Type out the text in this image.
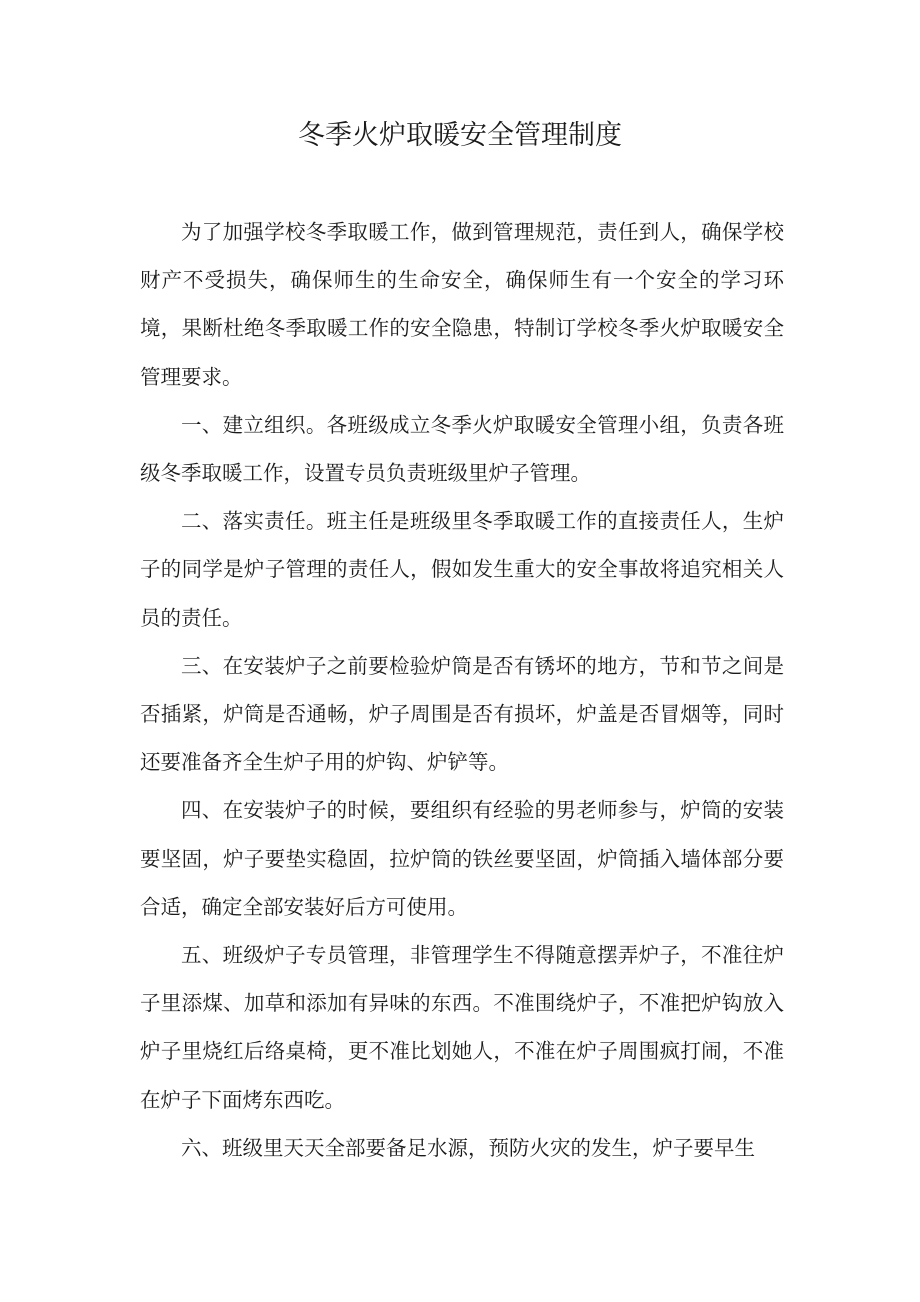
冬季火炉取暖安全管理制度

为了加强学校冬季取暖工作，做到管理规范，责任到人，确保学校财产不受损失，确保师生的生命安全，确保师生有一个安全的学习环境，果断杜绝冬季取暖工作的安全隐患，特制订学校冬季火炉取暖安全管理要求。

一、建立组织。各班级成立冬季火炉取暖安全管理小组，负责各班级冬季取暖工作，设置专员负责班级里炉子管理。

二、落实责任。班主任是班级里冬季取暖工作的直接责任人，生炉子的同学是炉子管理的责任人，假如发生重大的安全事故将追究相关人员的责任。

三、在安装炉子之前要检验炉筒是否有锈坏的地方，节和节之间是否插紧，炉筒是否通畅，炉子周围是否有损坏，炉盖是否冒烟等，同时还要准备齐全生炉子用的炉钩、炉铲等。

四、在安装炉子的时候，要组织有经验的男老师参与，炉筒的安装要坚固，炉子要垫实稳固，拉炉筒的铁丝要坚固，炉筒插入墙体部分要合适，确定全部安装好后方可使用。

五、班级炉子专员管理，非管理学生不得随意摆弄炉子，不准往炉子里添煤、加草和添加有异味的东西。不准围绕炉子，不准把炉钩放入炉子里烧红后络桌椅，更不准比划她人，不准在炉子周围疯打闹，不准在炉子下面烤东西吃。

六、班级里天天全部要备足水源，预防火灾的发生，炉子要早生
